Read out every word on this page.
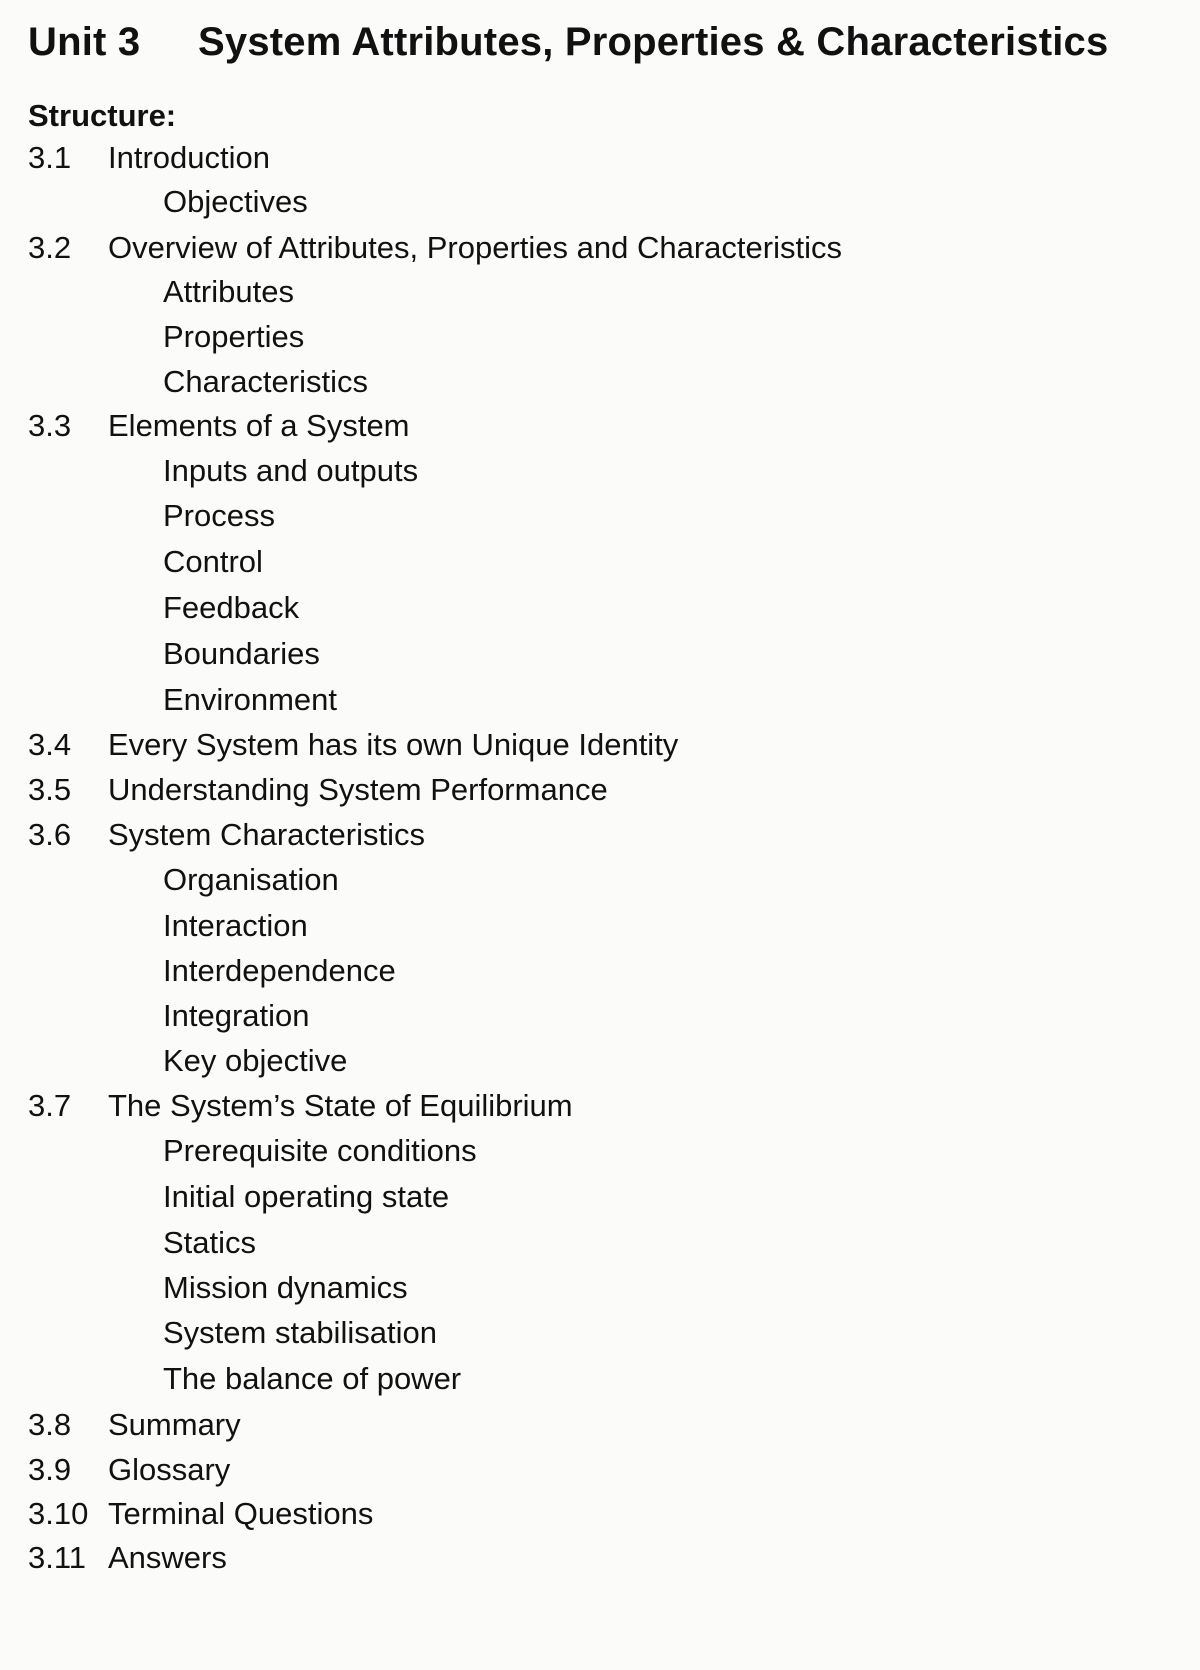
Unit 3 System Attributes, Properties & Characteristics
Structure:
3.1 Introduction
Objectives
3.2 Overview of Attributes, Properties and Characteristics
Attributes
Properties
Characteristics
3.3 Elements of a System
Inputs and outputs
Process
Control
Feedback
Boundaries
Environment
3.4 Every System has its own Unique Identity
3.5 Understanding System Performance
3.6 System Characteristics
Organisation
Interaction
Interdependence
Integration
Key objective
3.7 The System’s State of Equilibrium
Prerequisite conditions
Initial operating state
Statics
Mission dynamics
System stabilisation
The balance of power
3.8 Summary
3.9 Glossary
3.10 Terminal Questions
3.11 Answers
